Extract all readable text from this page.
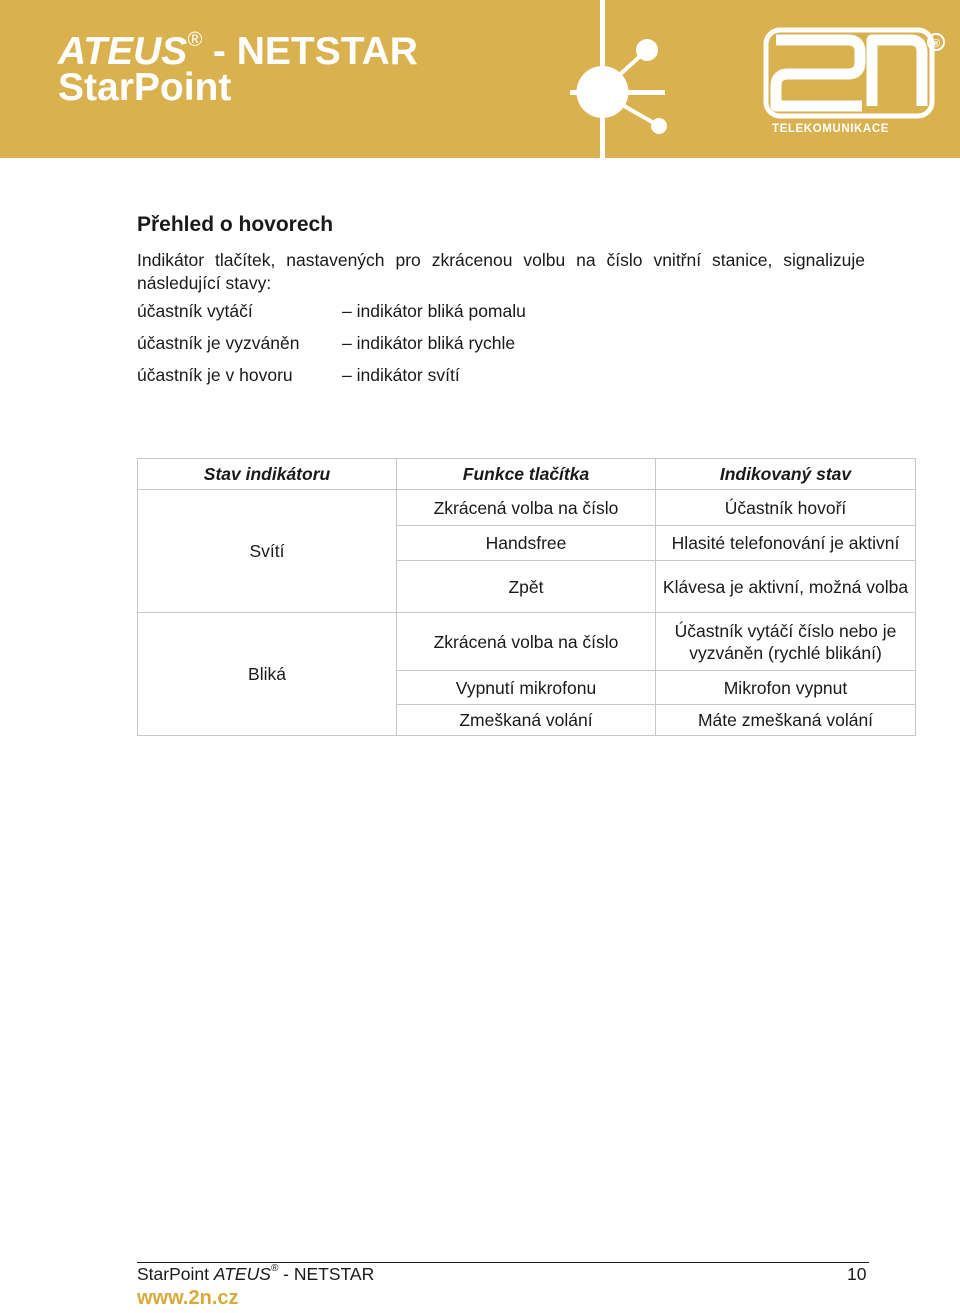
ATEUS® - NETSTAR
StarPoint
®
TELEKOMUNIKACE
Přehled o hovorech
Indikátor tlačítek, nastavených pro zkrácenou volbu na číslo vnitřní stanice, signalizuje následující stavy:
účastník vytáčí	– indikátor bliká pomalu
účastník je vyzváněn – indikátor bliká rychle
účastník je v hovoru	– indikátor svítí
Stav indikátoru	Funkce tlačítka	Indikovaný stav
Svítí	Zkrácená volba na číslo	Účastník hovoří
	Handsfree	Hlasité telefonování je aktivní

	Zpět	Klávesa je aktivní, možná volba
Bliká	Zkrácená volba na číslo	Účastník vytáčí číslo nebo je vyzváněn (rychlé blikání)
	Vypnutí mikrofonu	Mikrofon vypnut
	Zmeškaná volání	Máte zmeškaná volání
StarPoint ATEUS® - NETSTAR	10
www.2n.cz
